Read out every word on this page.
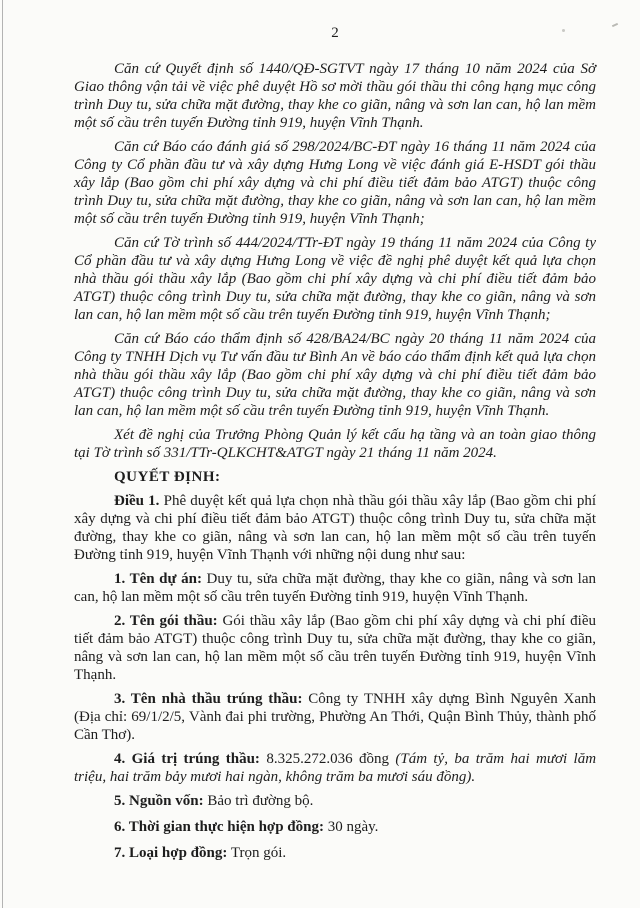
2

Căn cứ Quyết định số 1440/QĐ-SGTVT ngày 17 tháng 10 năm 2024 của Sở Giao thông vận tải về việc phê duyệt Hồ sơ mời thầu gói thầu thi công hạng mục công trình Duy tu, sửa chữa mặt đường, thay khe co giãn, nâng và sơn lan can, hộ lan mềm một số cầu trên tuyến Đường tỉnh 919, huyện Vĩnh Thạnh.

Căn cứ Báo cáo đánh giá số 298/2024/BC-ĐT ngày 16 tháng 11 năm 2024 của Công ty Cổ phần đầu tư và xây dựng Hưng Long về việc đánh giá E-HSDT gói thầu xây lắp (Bao gồm chi phí xây dựng và chi phí điều tiết đảm bảo ATGT) thuộc công trình Duy tu, sửa chữa mặt đường, thay khe co giãn, nâng và sơn lan can, hộ lan mềm một số cầu trên tuyến Đường tỉnh 919, huyện Vĩnh Thạnh;

Căn cứ Tờ trình số 444/2024/TTr-ĐT ngày 19 tháng 11 năm 2024 của Công ty Cổ phần đầu tư và xây dựng Hưng Long về việc đề nghị phê duyệt kết quả lựa chọn nhà thầu gói thầu xây lắp (Bao gồm chi phí xây dựng và chi phí điều tiết đảm bảo ATGT) thuộc công trình Duy tu, sửa chữa mặt đường, thay khe co giãn, nâng và sơn lan can, hộ lan mềm một số cầu trên tuyến Đường tỉnh 919, huyện Vĩnh Thạnh;

Căn cứ Báo cáo thẩm định số 428/BA24/BC ngày 20 tháng 11 năm 2024 của Công ty TNHH Dịch vụ Tư vấn đầu tư Bình An về báo cáo thẩm định kết quả lựa chọn nhà thầu gói thầu xây lắp (Bao gồm chi phí xây dựng và chi phí điều tiết đảm bảo ATGT) thuộc công trình Duy tu, sửa chữa mặt đường, thay khe co giãn, nâng và sơn lan can, hộ lan mềm một số cầu trên tuyến Đường tỉnh 919, huyện Vĩnh Thạnh.

Xét đề nghị của Trưởng Phòng Quản lý kết cấu hạ tầng và an toàn giao thông tại Tờ trình số 331/TTr-QLKCHT&ATGT ngày 21 tháng 11 năm 2024.

QUYẾT ĐỊNH:

Điều 1. Phê duyệt kết quả lựa chọn nhà thầu gói thầu xây lắp (Bao gồm chi phí xây dựng và chi phí điều tiết đảm bảo ATGT) thuộc công trình Duy tu, sửa chữa mặt đường, thay khe co giãn, nâng và sơn lan can, hộ lan mềm một số cầu trên tuyến Đường tỉnh 919, huyện Vĩnh Thạnh với những nội dung như sau:

1. Tên dự án: Duy tu, sửa chữa mặt đường, thay khe co giãn, nâng và sơn lan can, hộ lan mềm một số cầu trên tuyến Đường tỉnh 919, huyện Vĩnh Thạnh.

2. Tên gói thầu: Gói thầu xây lắp (Bao gồm chi phí xây dựng và chi phí điều tiết đảm bảo ATGT) thuộc công trình Duy tu, sửa chữa mặt đường, thay khe co giãn, nâng và sơn lan can, hộ lan mềm một số cầu trên tuyến Đường tỉnh 919, huyện Vĩnh Thạnh.

3. Tên nhà thầu trúng thầu: Công ty TNHH xây dựng Bình Nguyên Xanh (Địa chỉ: 69/1/2/5, Vành đai phi trường, Phường An Thới, Quận Bình Thủy, thành phố Cần Thơ).

4. Giá trị trúng thầu: 8.325.272.036 đồng (Tám tỷ, ba trăm hai mươi lăm triệu, hai trăm bảy mươi hai ngàn, không trăm ba mươi sáu đồng).

5. Nguồn vốn: Bảo trì đường bộ.

6. Thời gian thực hiện hợp đồng: 30 ngày.

7. Loại hợp đồng: Trọn gói.
